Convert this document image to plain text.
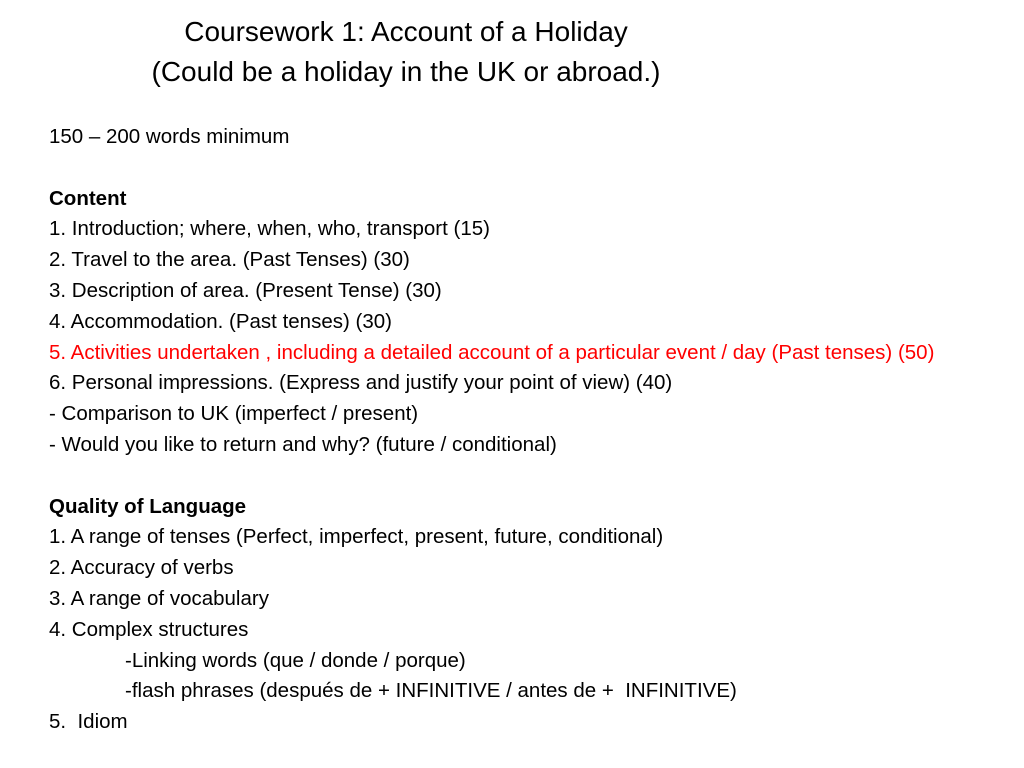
Coursework 1: Account of a Holiday
(Could be a holiday in the UK or abroad.)
150 – 200 words minimum
Content
1. Introduction; where, when, who, transport (15)
2. Travel to the area. (Past Tenses) (30)
3. Description of area. (Present Tense) (30)
4. Accommodation. (Past tenses) (30)
5. Activities undertaken , including a detailed account of a particular event / day (Past tenses) (50)
6. Personal impressions. (Express and justify your point of view) (40)
- Comparison to UK (imperfect / present)
- Would you like to return and why? (future / conditional)
Quality of Language
1. A range of tenses (Perfect, imperfect, present, future, conditional)
2. Accuracy of verbs
3. A range of vocabulary
4. Complex structures
-Linking words (que / donde / porque)
-flash phrases (después de + INFINITIVE / antes de +  INFINITIVE)
5.  Idiom
